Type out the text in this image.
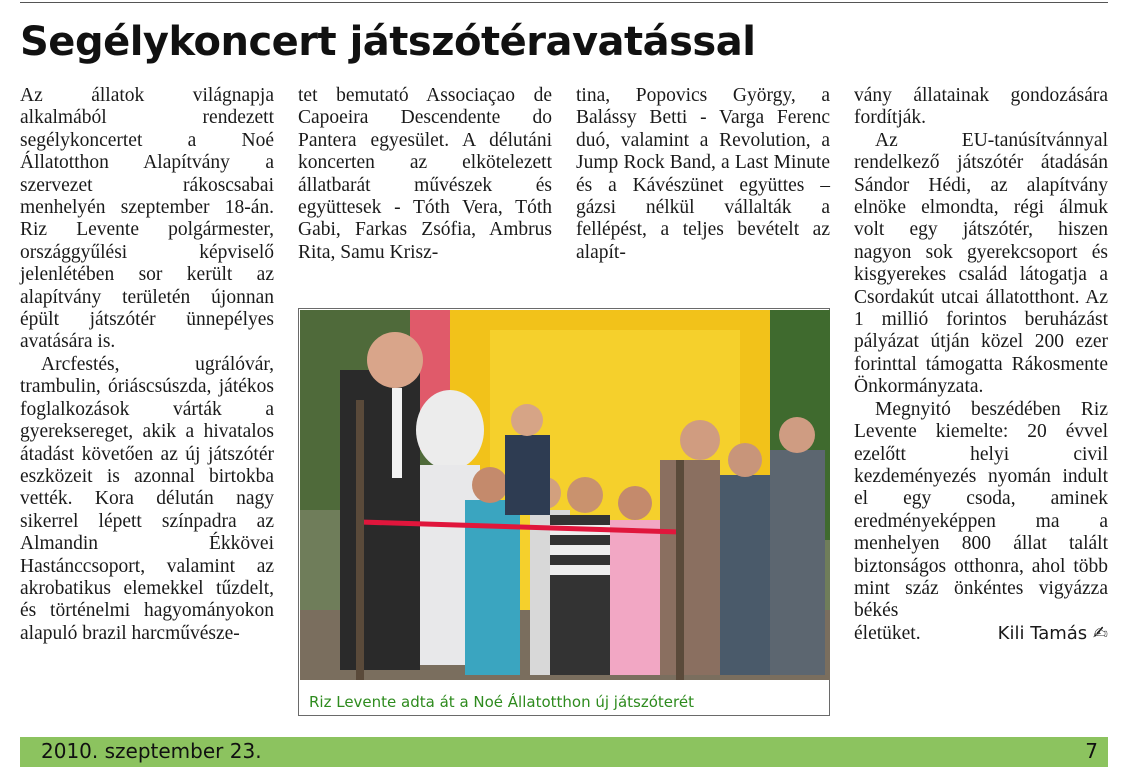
Segélykoncert játszótéravatással

Az állatok világnapja alkalmából rendezett segélykoncertet a Noé Állatotthon Alapítvány a szervezet rákoscsabai menhelyén szeptember 18-án. Riz Levente polgármester, országgyűlési képviselő jelenlétében sor került az alapítvány területén újonnan épült játszótér ünnepélyes avatására is.

Arcfestés, ugrálóvár, trambulin, óriáscsúszda, játékos foglalkozások várták a gyereksereget, akik a hivatalos átadást követően az új játszótér eszközeit is azonnal birtokba vették. Kora délután nagy sikerrel lépett színpadra az Almandin Ékkövei Hastánccsoport, valamint az akrobatikus elemekkel tűzdelt, és történelmi hagyományokon alapuló brazil harcművésze-

tet bemutató Associaçao de Capoeira Descendente do Pantera egyesület. A délutáni koncerten az elkötelezett állatbarát művészek és együttesek - Tóth Vera, Tóth Gabi, Farkas Zsófia, Ambrus Rita, Samu Krisz-

tina, Popovics György, a Balássy Betti - Varga Ferenc duó, valamint a Revolution, a Jump Rock Band, a Last Minute és a Kávészünet együttes – gázsi nélkül vállalták a fellépést, a teljes bevételt az alapít-

vány állatainak gondozására fordítják.

Az EU-tanúsítvánnyal rendelkező játszótér átadásán Sándor Hédi, az alapítvány elnöke elmondta, régi álmuk volt egy játszótér, hiszen nagyon sok gyerekcsoport és kisgyerekes család látogatja a Csordakút utcai állatotthont. Az 1 millió forintos beruházást pályázat útján közel 200 ezer forinttal támogatta Rákosmente Önkormányzata.

Megnyitó beszédében Riz Levente kiemelte: 20 évvel ezelőtt helyi civil kezdeményezés nyomán indult el egy csoda, aminek eredményeképpen ma a menhelyen 800 állat talált biztonságos otthonra, ahol több mint száz önkéntes vigyázza békés

életüket.	Kili Tamás ✍

Riz Levente adta át a Noé Állatotthon új játszóterét
2010. szeptember 23.	7
